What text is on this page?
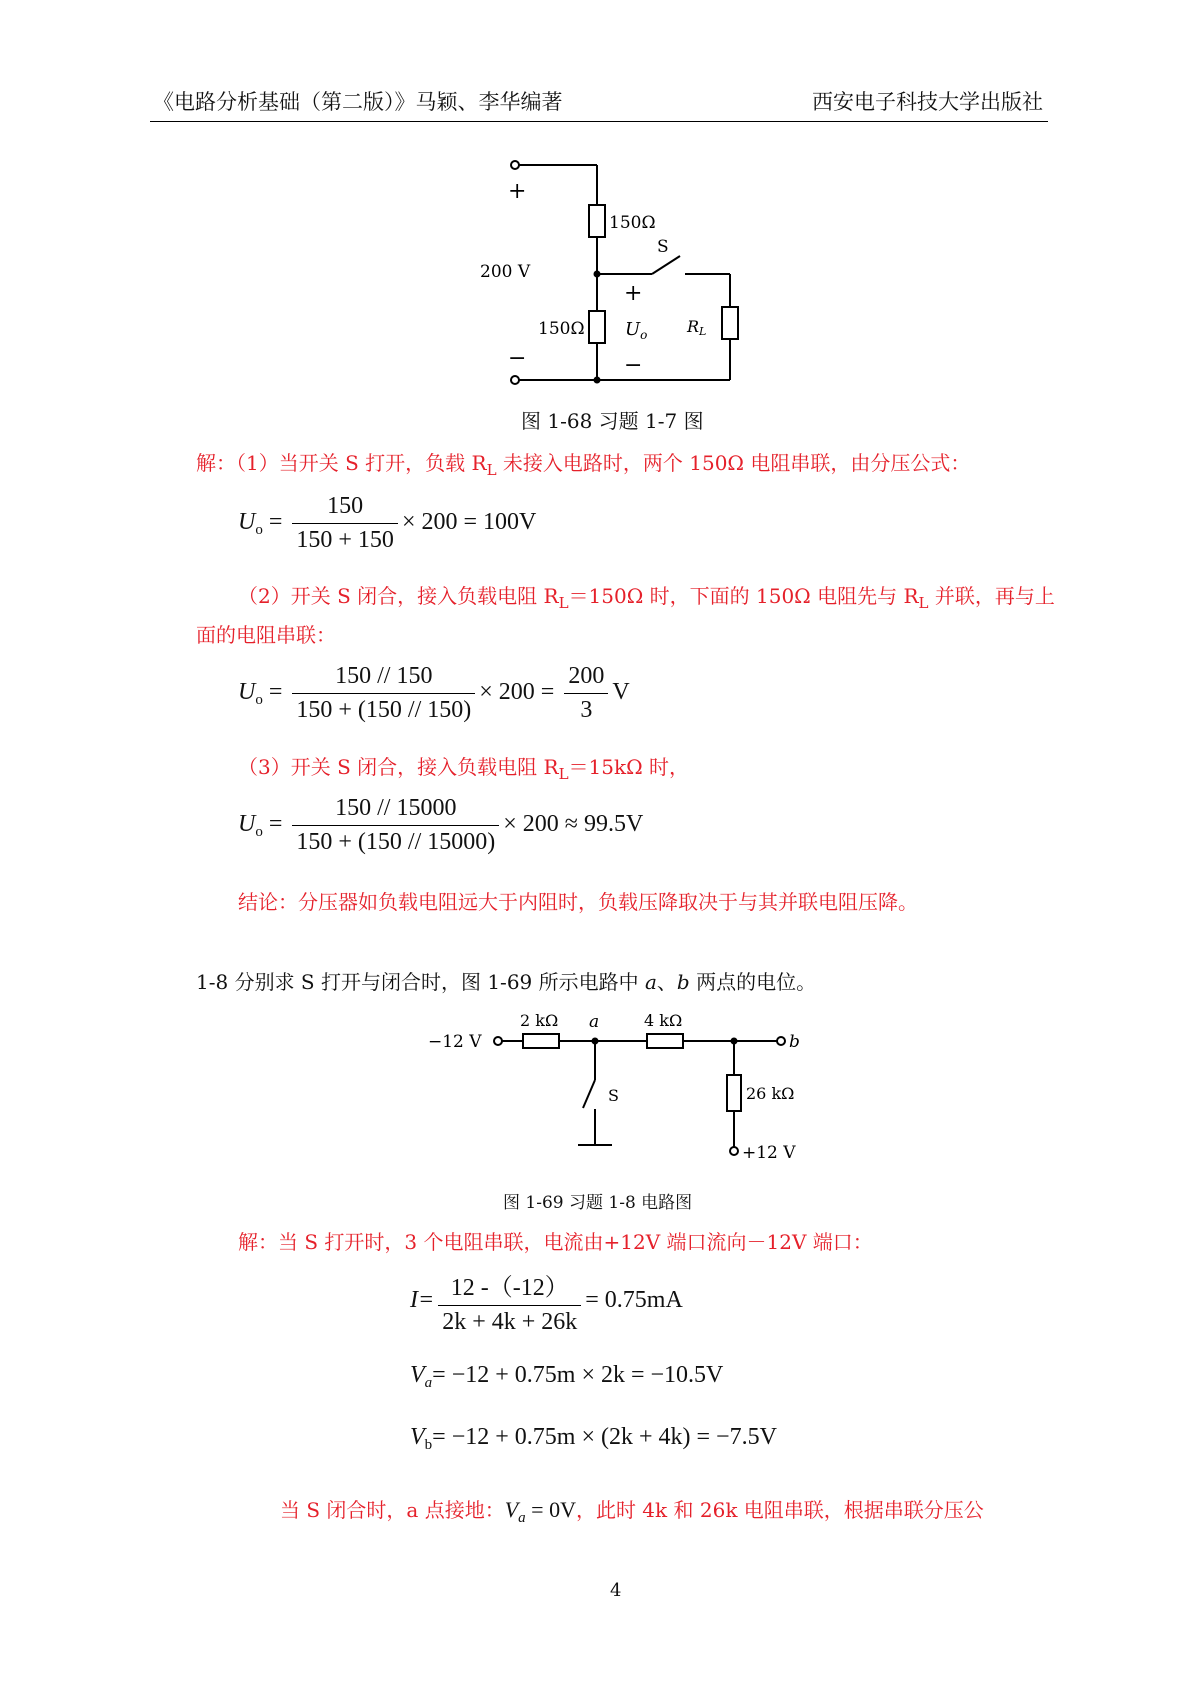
《电路分析基础（第二版）》马颖、李华编著	西安电子科技大学出版社
+
150Ω
200 V
S
+
150Ω $U_o$ RL
−	−
图 1-68 习题 1-7 图
解：（1）当开关 S 打开，负载 $R_L$ 未接入电路时，两个 150Ω 电阻串联，由分压公式：
$U_o = \frac{150}{150 + 150} \times 200 = 100V$
（2）开关 S 闭合，接入负载电阻 $R_L=150\Omega$ 时，下面的 150Ω 电阻先与 $R_L$ 并联，再与上
面的电阻串联：
$U_o = \frac{150 // 150}{150 + (150 // 150)} \times 200 = \frac{200}{3}$ V
（3）开关 S 闭合，接入负载电阻 $R_L=15k\Omega$ 时，
$U_o = \frac{150 // 15000}{150 + (150 // 15000)} \times 200 \approx 99.5V$
结论：分压器如负载电阻远大于内阻时，负载压降取决于与其并联电阻压降。
1-8 分别求 S 打开与闭合时，图 1-69 所示电路中 a、b 两点的电位。
−12 V
2 kΩ a	4 kΩ
b
S	26 kΩ
+12 V
图 1-69 习题 1-8 电路图
解：当 S 打开时，3 个电阻串联，电流由+12V 端口流向－12V 端口：
$I= \frac{12 -(-12)}{2k + 4k + 26k} = 0.75mA$
$V_a= -12 + 0.75m \times 2k = -10.5V$
$V_b= -12 + 0.75m \times (2k + 4k) = -7.5V$
当 S 闭合时，a 点接地：$V_a = 0V$，此时 4k 和 26k 电阻串联，根据串联分压公
4
